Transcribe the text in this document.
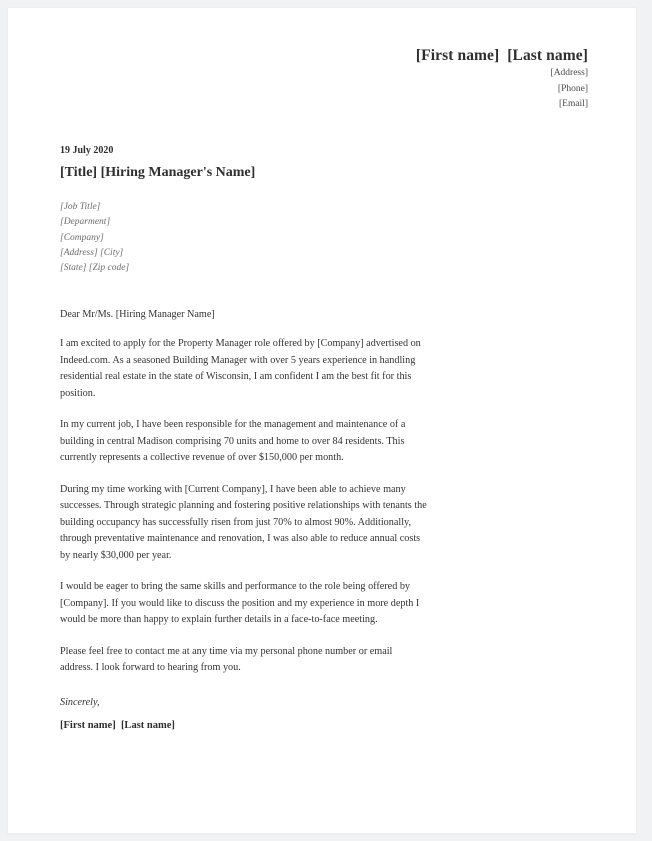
[First name]  [Last name]
[Address]
[Phone]
[Email]
19 July 2020
[Title] [Hiring Manager's Name]
[Job Title]
[Deparment]
[Company]
[Address] [City]
[State] [Zip code]
Dear Mr/Ms. [Hiring Manager Name]

I am excited to apply for the Property Manager role offered by [Company] advertised on Indeed.com. As a seasoned Building Manager with over 5 years experience in handling residential real estate in the state of Wisconsin, I am confident I am the best fit for this position.

In my current job, I have been responsible for the management and maintenance of a building in central Madison comprising 70 units and home to over 84 residents. This currently represents a collective revenue of over $150,000 per month.

During my time working with [Current Company], I have been able to achieve many successes. Through strategic planning and fostering positive relationships with tenants the building occupancy has successfully risen from just 70% to almost 90%. Additionally, through preventative maintenance and renovation, I was also able to reduce annual costs by nearly $30,000 per year.

I would be eager to bring the same skills and performance to the role being offered by [Company]. If you would like to discuss the position and my experience in more depth I would be more than happy to explain further details in a face-to-face meeting.

Please feel free to contact me at any time via my personal phone number or email address. I look forward to hearing from you.

Sincerely,
[First name]  [Last name]
